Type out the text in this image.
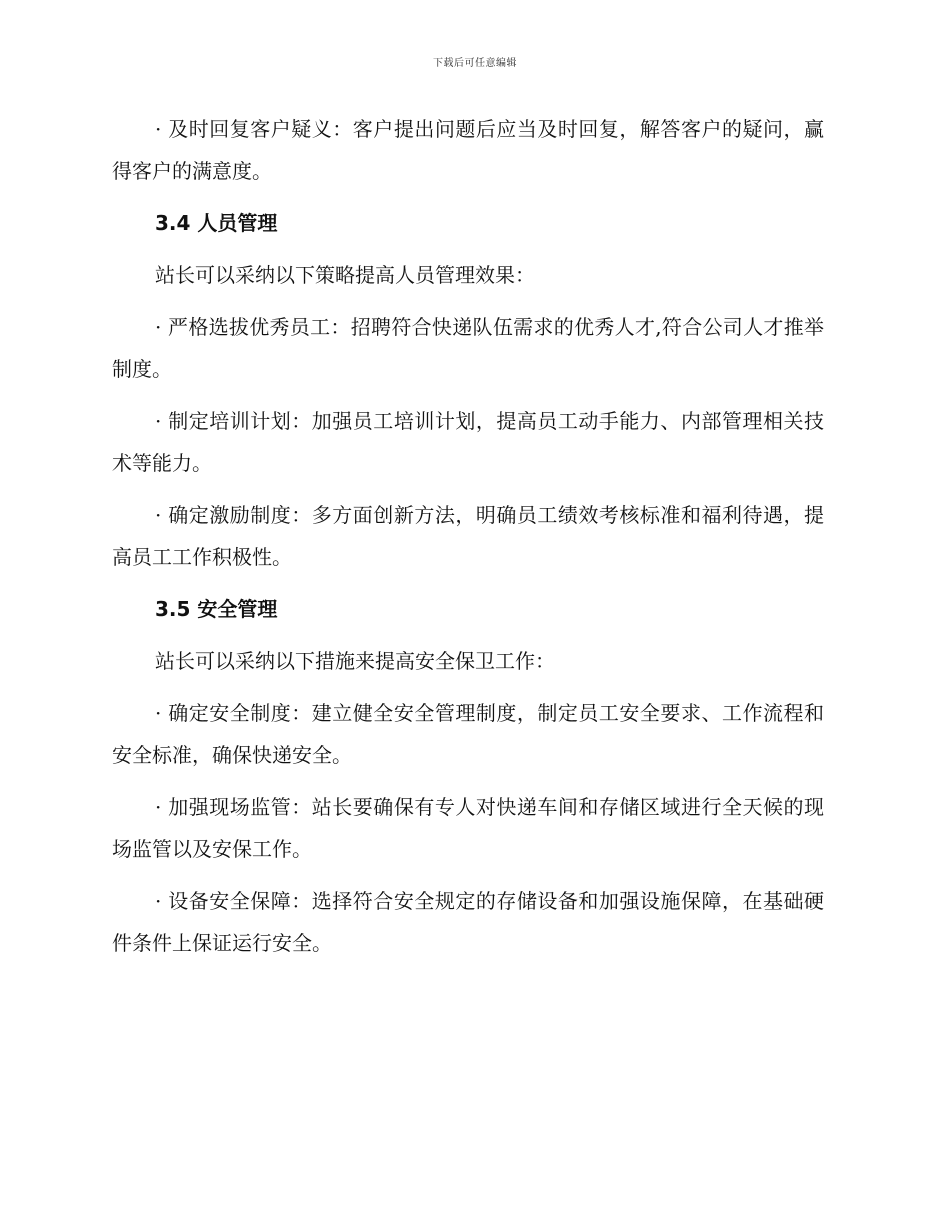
下载后可任意编辑

· 及时回复客户疑义：客户提出问题后应当及时回复，解答客户的疑问，赢得客户的满意度。

3.4 人员管理

站长可以采纳以下策略提高人员管理效果：

· 严格选拔优秀员工：招聘符合快递队伍需求的优秀人才,符合公司人才推举制度。

· 制定培训计划：加强员工培训计划，提高员工动手能力、内部管理相关技术等能力。

· 确定激励制度：多方面创新方法，明确员工绩效考核标准和福利待遇，提高员工工作积极性。

3.5 安全管理

站长可以采纳以下措施来提高安全保卫工作：

· 确定安全制度：建立健全安全管理制度，制定员工安全要求、工作流程和安全标准，确保快递安全。

· 加强现场监管：站长要确保有专人对快递车间和存储区域进行全天候的现场监管以及安保工作。

· 设备安全保障：选择符合安全规定的存储设备和加强设施保障，在基础硬件条件上保证运行安全。
